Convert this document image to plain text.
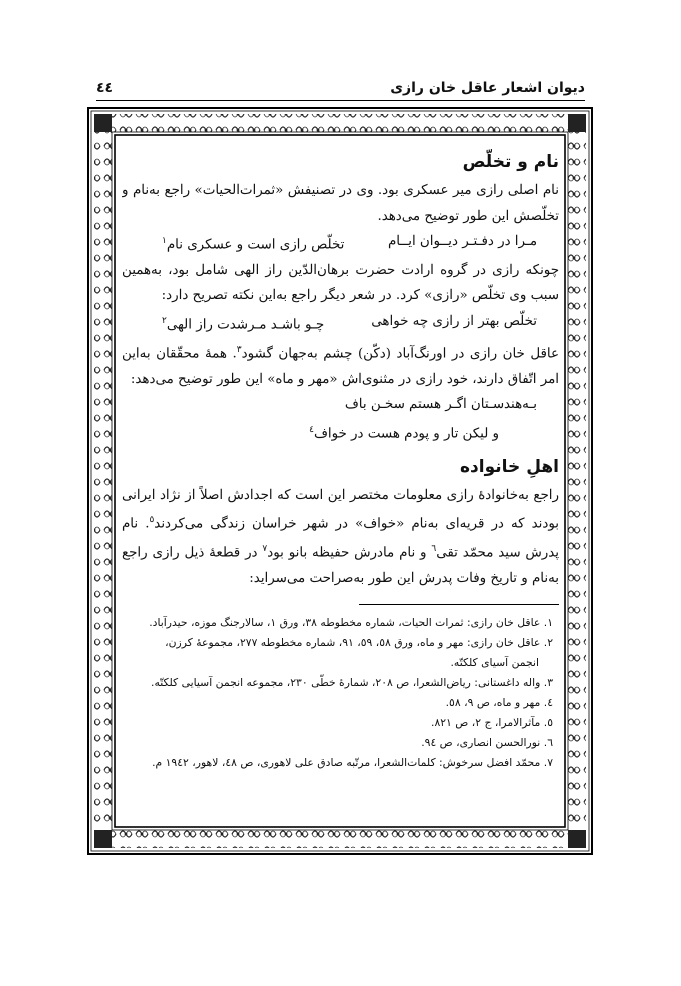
دیوان اشعار عاقل خان رازی
٤٤
نام و تخلّص

نام اصلی رازی میر عسکری بود. وی در تصنیفش «ثمرات‌الحیات» راجع به‌نام و تخلّصش این طور توضیح می‌دهد.

مـرا در دفـتـر دیــوان ایــام
تخلّص رازی است و عسکری نام$^١$

چونکه رازی در گروه ارادت حضرت برهان‌الدّین راز الهی شامل بود، به‌همین سبب وی تخلّص «رازی» کرد. در شعر دیگر راجع به‌این نکته تصریح دارد:

تخلّص بهتر از رازی چه خواهی
چـو باشـد مـرشدت راز الهی$^٢$

عاقل خان رازی در اورنگ‌آباد (دکّن) چشم به‌جهان گشود$^٣$. همهٔ محقّقان به‌این امر اتّفاق دارند، خود رازی در مثنوی‌اش «مهر و ماه» این طور توضیح می‌دهد:

بـه‌هندسـتان اگـر هستم سخـن باف
و لیکن تار و پودم هست در خواف$^٤$
اهلِ خانواده

راجع به‌خانوادهٔ رازی معلومات مختصر این است که اجدادش اصلاً از نژاد ایرانی بودند که در قریه‌ای به‌نام «خواف» در شهر خراسان زندگی می‌کردند$^٥$. نام پدرش سید محمّد تقی$^٦$ و نام مادرش حفیظه بانو بود$^٧$ در قطعهٔ ذیل رازی راجع به‌نام و تاریخ وفات پدرش این طور به‌صراحت می‌سراید:

١. عاقل خان رازی: ثمرات الحیات، شماره مخطوطه ٣٨، ورق ١، سالارجنگ موزه، حیدرآباد.
٢. عاقل خان رازی: مهر و ماه، ورق ٥٨، ٥٩، ٩١، شماره مخطوطه ٢٧٧، مجموعهٔ کرزن،
انجمن آسیای کلکتّه.
٣. واله داغستانی: ریاض‌الشعرا، ص ٢٠٨، شمارهٔ خطّی ٢٣٠، مجموعه انجمن آسیایی کلکتّه.
٤. مهر و ماه، ص ٩، ٥٨.
٥. مآثرالامرا، ج ٢، ص ٨٢١.
٦. نورالحسن انصاری، ص ٩٤.
٧. محمّد افضل سرخوش: کلمات‌الشعرا، مرتّبه صادق علی لاهوری، ص ٤٨، لاهور، ١٩٤٢ م.
